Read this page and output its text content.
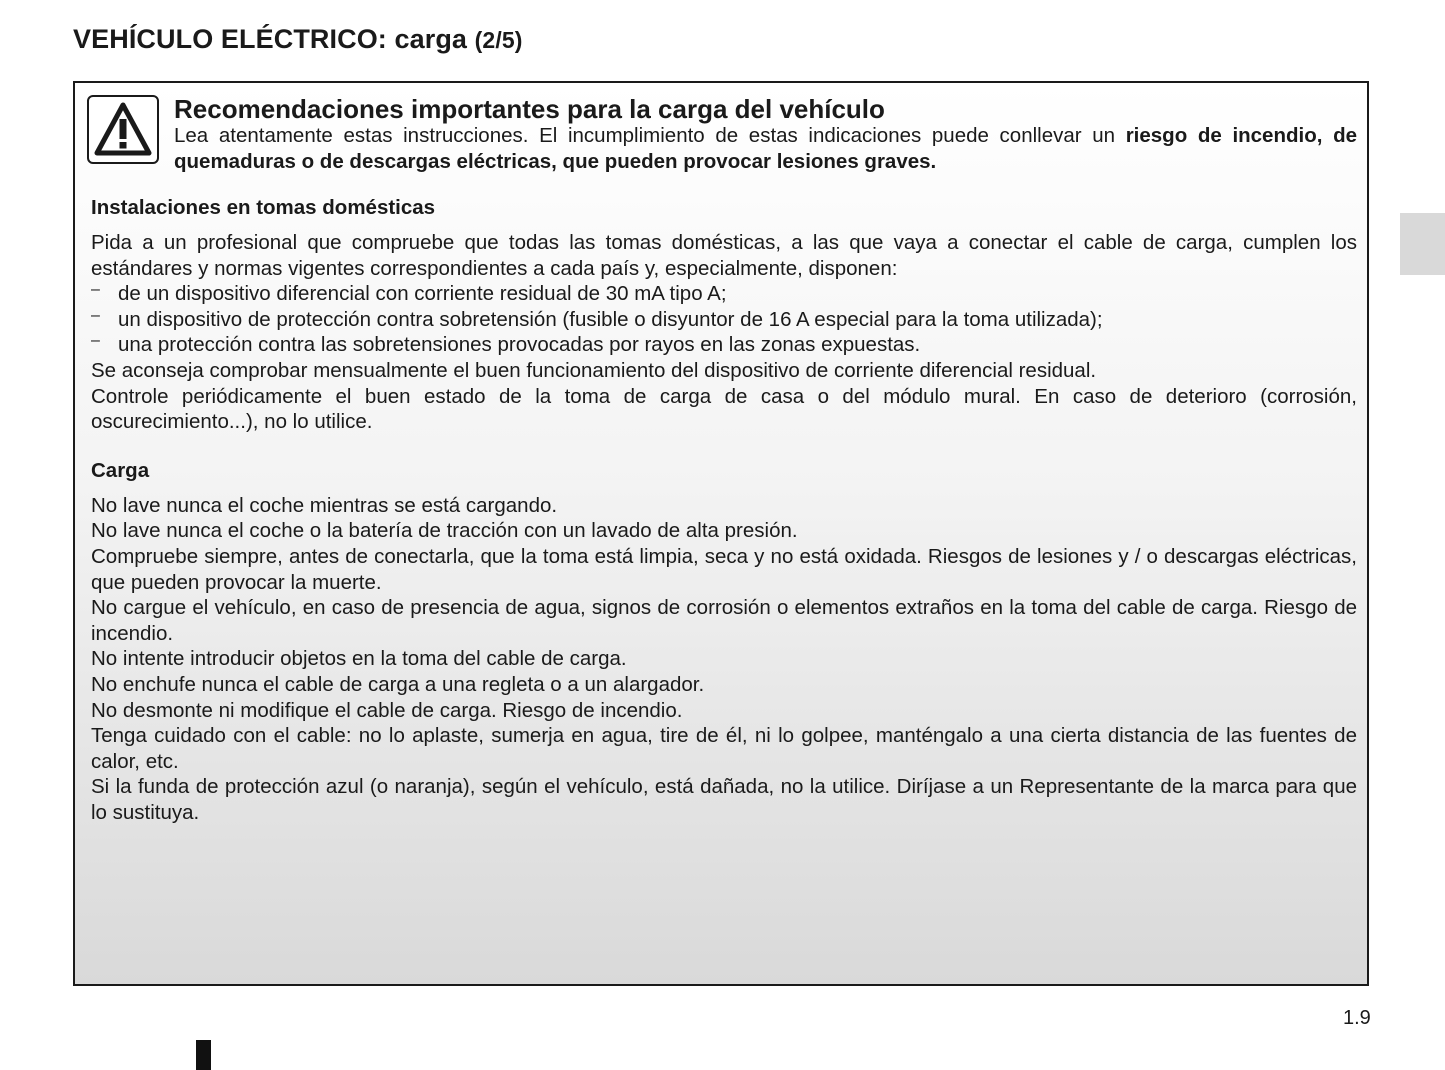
VEHÍCULO ELÉCTRICO: carga (2/5)
Recomendaciones importantes para la carga del vehículo
Lea atentamente estas instrucciones. El incumplimiento de estas indicaciones puede conllevar un riesgo de incendio, de quemaduras o de descargas eléctricas, que pueden provocar lesiones graves.

Instalaciones en tomas domésticas

Pida a un profesional que compruebe que todas las tomas domésticas, a las que vaya a conectar el cable de carga, cumplen los estándares y normas vigentes correspondientes a cada país y, especialmente, disponen:

– de un dispositivo diferencial con corriente residual de 30 mA tipo A;
– un dispositivo de protección contra sobretensión (fusible o disyuntor de 16 A especial para la toma utilizada);
– una protección contra las sobretensiones provocadas por rayos en las zonas expuestas.

Se aconseja comprobar mensualmente el buen funcionamiento del dispositivo de corriente diferencial residual.

Controle periódicamente el buen estado de la toma de carga de casa o del módulo mural. En caso de deterioro (corrosión, oscurecimiento...), no lo utilice.

Carga

No lave nunca el coche mientras se está cargando.

No lave nunca el coche o la batería de tracción con un lavado de alta presión.

Compruebe siempre, antes de conectarla, que la toma está limpia, seca y no está oxidada. Riesgos de lesiones y / o descargas eléctricas, que pueden provocar la muerte.

No cargue el vehículo, en caso de presencia de agua, signos de corrosión o elementos extraños en la toma del cable de carga. Riesgo de incendio.

No intente introducir objetos en la toma del cable de carga.

No enchufe nunca el cable de carga a una regleta o a un alargador.

No desmonte ni modifique el cable de carga. Riesgo de incendio.

Tenga cuidado con el cable: no lo aplaste, sumerja en agua, tire de él, ni lo golpee, manténgalo a una cierta distancia de las fuentes de calor, etc.

Si la funda de protección azul (o naranja), según el vehículo, está dañada, no la utilice. Diríjase a un Representante de la marca para que lo sustituya.

1.9
